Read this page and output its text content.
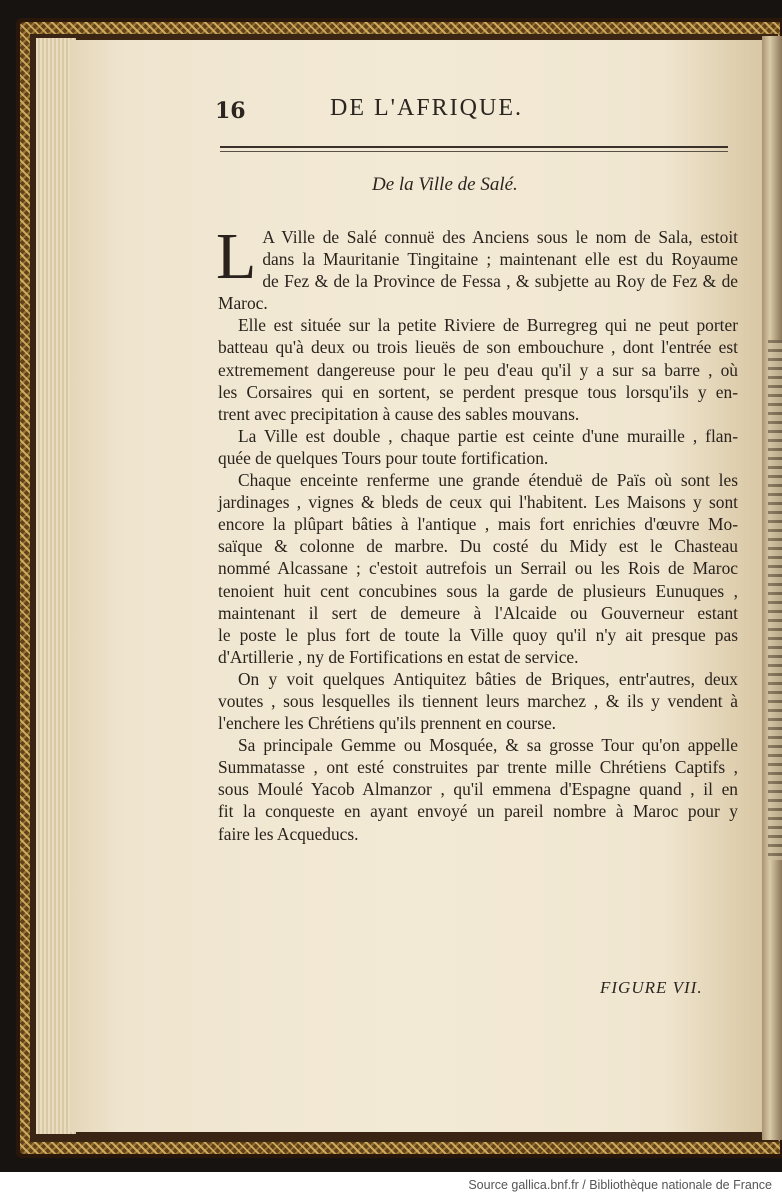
16	DE L'AFRIQUE.
De la Ville de Salé.

L A Ville de Salé connuë des Anciens sous le nom de Sala, estoit
dans la Mauritanie Tingitaine ; maintenant elle est du Royaume
de Fez & de la Province de Fessa , & subjette au Roy de Fez & de
Maroc.

Elle est située sur la petite Riviere de Burregreg qui ne peut porter
batteau qu'à deux ou trois lieuës de son embouchure , dont l'entrée est
extremement dangereuse pour le peu d'eau qu'il y a sur sa barre , où
les Corsaires qui en sortent, se perdent presque tous lorsqu'ils y en-
trent avec precipitation à cause des sables mouvans.

La Ville est double , chaque partie est ceinte d'une muraille , flan-
quée de quelques Tours pour toute fortification.

Chaque enceinte renferme une grande étenduë de Païs où sont les
jardinages , vignes & bleds de ceux qui l'habitent. Les Maisons y sont
encore la plûpart bâties à l'antique , mais fort enrichies d'œuvre Mo-
saïque & colonne de marbre. Du costé du Midy est le Chasteau
nommé Alcassane ; c'estoit autrefois un Serrail ou les Rois de Maroc
tenoient huit cent concubines sous la garde de plusieurs Eunuques ,
maintenant il sert de demeure à l'Alcaide ou Gouverneur estant
le poste le plus fort de toute la Ville quoy qu'il n'y ait presque pas
d'Artillerie , ny de Fortifications en estat de service.

On y voit quelques Antiquitez bâties de Briques, entr'autres, deux
voutes , sous lesquelles ils tiennent leurs marchez , & ils y vendent à
l'enchere les Chrétiens qu'ils prennent en course.

Sa principale Gemme ou Mosquée, & sa grosse Tour qu'on appelle
Summatasse , ont esté construites par trente mille Chrétiens Captifs ,
sous Moulé Yacob Almanzor , qu'il emmena d'Espagne quand , il en
fit la conqueste en ayant envoyé un pareil nombre à Maroc pour y
faire les Acqueducs.

FIGURE VII.
Source gallica.bnf.fr / Bibliothèque nationale de France
